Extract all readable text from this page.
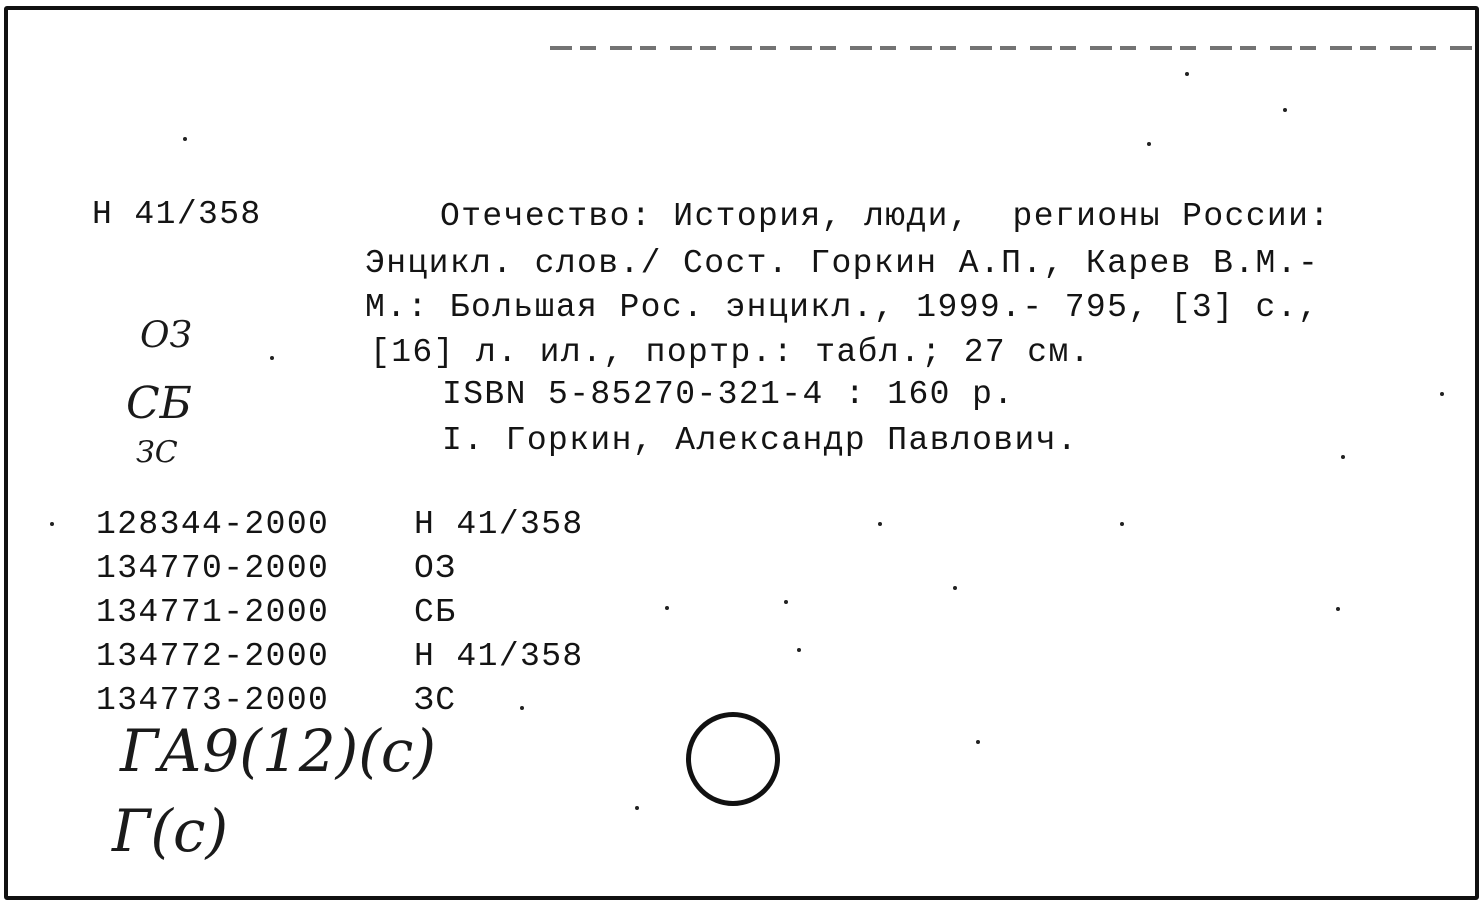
Н 41/358	Отечество: История, люди,  регионы России:
Энцикл. слов./ Сост. Горкин А.П., Карев В.М.-
М.: Большая Рос. энцикл., 1999.- 795, [3] с.,
[16] л. ил., портр.: табл.; 27 см.
ISBN 5-85270-321-4 : 160 р.
I. Горкин, Александр Павлович.
ОЗ
СБ
ЗС
128344-2000	Н 41/358
134770-2000	ОЗ
134771-2000	СБ
134772-2000	Н 41/358
134773-2000	ЗС
ГА9(12)(с)
Г(с)
